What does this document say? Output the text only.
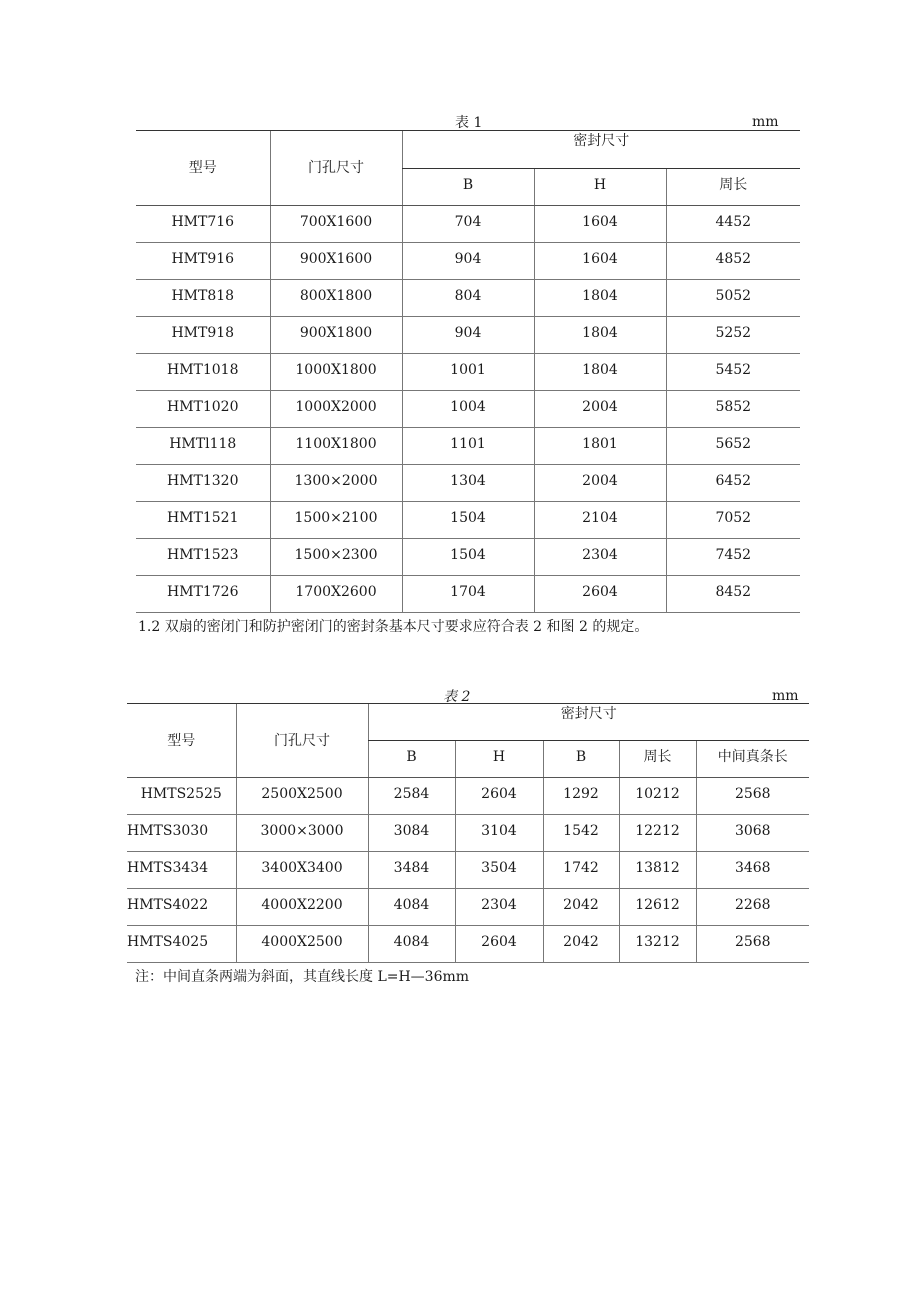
表 1	mm
型号	门孔尺寸	密封尺寸		
		B	H	周长
HMT716	700X1600	704	1604	4452
HMT916	900X1600	904	1604	4852
HMT818	800X1800	804	1804	5052
HMT918	900X1800	904	1804	5252
HMT1018	1000X1800	1001	1804	5452
HMT1020	1000X2000	1004	2004	5852
HMTl118	1100X1800	1101	1801	5652
HMT1320	1300×2000	1304	2004	6452
HMT1521	1500×2100	1504	2104	7052
HMT1523	1500×2300	1504	2304	7452
HMT1726	1700X2600	1704	2604	8452
1.2 双扇的密闭门和防护密闭门的密封条基本尺寸要求应符合表 2 和图 2 的规定。
表 2	mm
型号	门孔尺寸	密封尺寸				
		B	H	B	周长	中间真条长
HMTS2525	2500X2500	2584	2604	1292	10212	2568
HMTS3030	3000×3000	3084	3104	1542	12212	3068
HMTS3434	3400X3400	3484	3504	1742	13812	3468
HMTS4022	4000X2200	4084	2304	2042	12612	2268
HMTS4025	4000X2500	4084	2604	2042	13212	2568
注：中间直条两端为斜面，其直线长度 L=H—36mm
